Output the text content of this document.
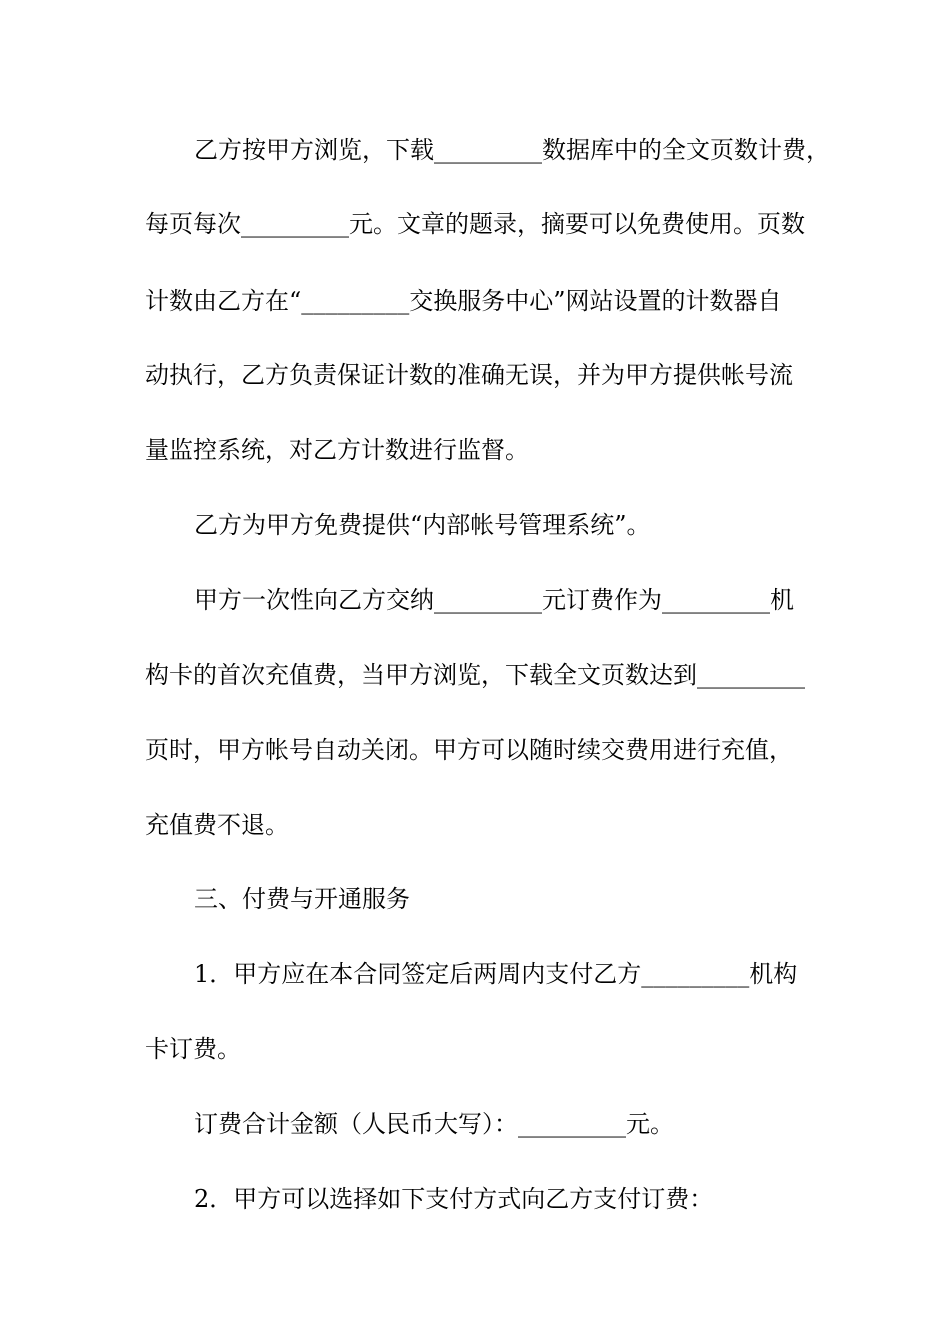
乙方按甲方浏览，下载_________数据库中的全文页数计费，

每页每次_________元。文章的题录，摘要可以免费使用。页数

计数由乙方在“_________交换服务中心”网站设置的计数器自

动执行，乙方负责保证计数的准确无误，并为甲方提供帐号流

量监控系统，对乙方计数进行监督。

乙方为甲方免费提供“内部帐号管理系统”。

甲方一次性向乙方交纳_________元订费作为_________机

构卡的首次充值费，当甲方浏览，下载全文页数达到_________

页时，甲方帐号自动关闭。甲方可以随时续交费用进行充值，

充值费不退。

三、付费与开通服务

1．甲方应在本合同签定后两周内支付乙方_________机构

卡订费。

订费合计金额（人民币大写）：_________元。

2．甲方可以选择如下支付方式向乙方支付订费：
